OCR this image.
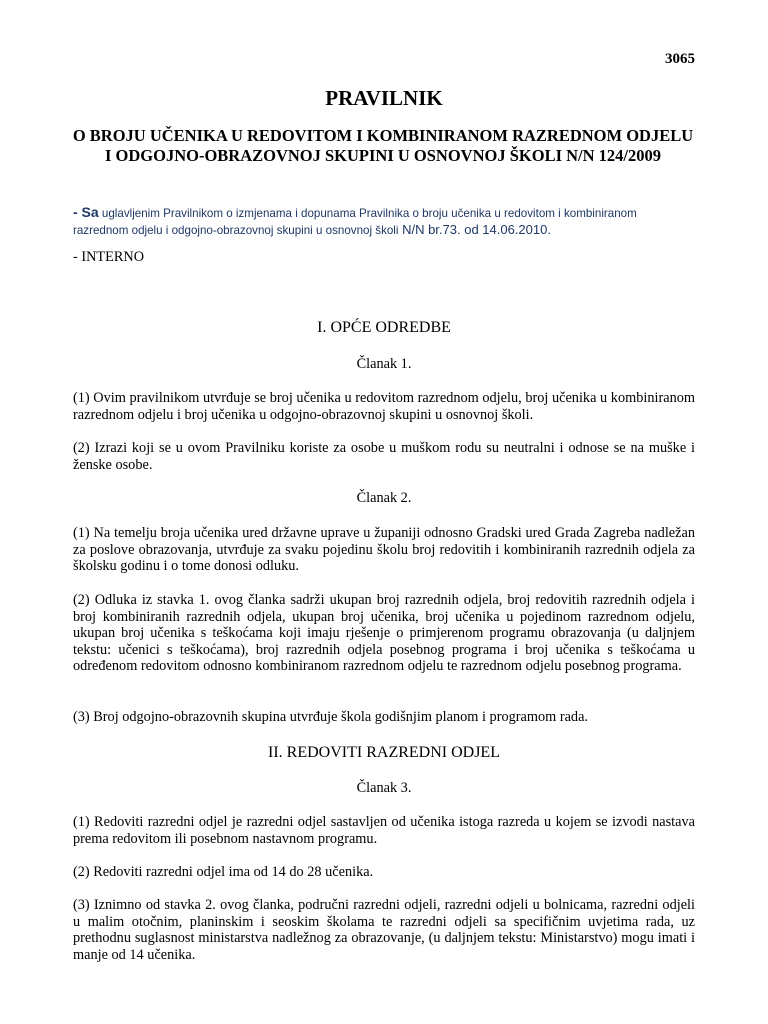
3065
PRAVILNIK
O BROJU UČENIKA U REDOVITOM I KOMBINIRANOM RAZREDNOM ODJELU I ODGOJNO-OBRAZOVNOJ SKUPINI U OSNOVNOJ ŠKOLI N/N 124/2009
- Sa uglavljenim Pravilnikom o izmjenama i dopunama Pravilnika o broju učenika u redovitom i kombiniranom razrednom odjelu i odgojno-obrazovnoj skupini u osnovnoj školi N/N br.73. od 14.06.2010.
- INTERNO
I. OPĆE ODREDBE
Članak 1.
(1) Ovim pravilnikom utvrđuje se broj učenika u redovitom razrednom odjelu, broj učenika u kombiniranom razrednom odjelu i broj učenika u odgojno-obrazovnoj skupini u osnovnoj školi.
(2) Izrazi koji se u ovom Pravilniku koriste za osobe u muškom rodu su neutralni i odnose se na muške i ženske osobe.
Članak 2.
(1) Na temelju broja učenika ured državne uprave u županiji odnosno Gradski ured Grada Zagreba nadležan za poslove obrazovanja, utvrđuje za svaku pojedinu školu broj redovitih i kombiniranih razrednih odjela za školsku godinu i o tome donosi odluku.
(2) Odluka iz stavka 1. ovog članka sadrži ukupan broj razrednih odjela, broj redovitih razrednih odjela i broj kombiniranih razrednih odjela, ukupan broj učenika, broj učenika u pojedinom razrednom odjelu, ukupan broj učenika s teškoćama koji imaju rješenje o primjerenom programu obrazovanja (u daljnjem tekstu: učenici s teškoćama), broj razrednih odjela posebnog programa i broj učenika s teškoćama u određenom redovitom odnosno kombiniranom razrednom odjelu te razrednom odjelu posebnog programa.
(3) Broj odgojno-obrazovnih skupina utvrđuje škola godišnjim planom i programom rada.
II. REDOVITI RAZREDNI ODJEL
Članak 3.
(1) Redoviti razredni odjel je razredni odjel sastavljen od učenika istoga razreda u kojem se izvodi nastava prema redovitom ili posebnom nastavnom programu.
(2) Redoviti razredni odjel ima od 14 do 28 učenika.
(3) Iznimno od stavka 2. ovog članka, područni razredni odjeli, razredni odjeli u bolnicama, razredni odjeli u malim otočnim, planinskim i seoskim školama te razredni odjeli sa specifičnim uvjetima rada, uz prethodnu suglasnost ministarstva nadležnog za obrazovanje, (u daljnjem tekstu: Ministarstvo) mogu imati i manje od 14 učenika.
